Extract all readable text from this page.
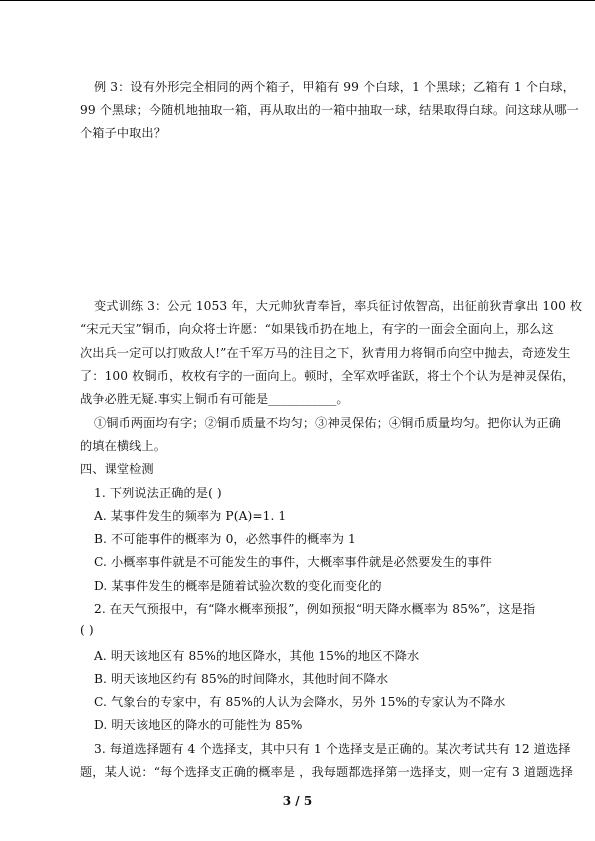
例 3：设有外形完全相同的两个箱子，甲箱有 99 个白球，1 个黑球；乙箱有 1 个白球，

99 个黑球；今随机地抽取一箱，再从取出的一箱中抽取一球，结果取得白球。问这球从哪一

个箱子中取出？

变式训练 3：公元 1053 年，大元帅狄青奉旨，率兵征讨侬智高，出征前狄青拿出 100 枚

“宋元天宝”铜币，向众将士许愿：“如果钱币扔在地上，有字的一面会全面向上，那么这

次出兵一定可以打败敌人!”在千军万马的注目之下，狄青用力将铜币向空中抛去，奇迹发生

了：100 枚铜币，枚枚有字的一面向上。顿时，全军欢呼雀跃，将士个个认为是神灵保佑，

战争必胜无疑.事实上铜币有可能是___________。

①铜币两面均有字；②铜币质量不均匀；③神灵保佑；④铜币质量均匀。把你认为正确

的填在横线上。

四、课堂检测

1. 下列说法正确的是( )

A. 某事件发生的频率为 P(A)=1. 1

B. 不可能事件的概率为 0，必然事件的概率为 1

C. 小概率事件就是不可能发生的事件，大概率事件就是必然要发生的事件

D. 某事件发生的概率是随着试验次数的变化而变化的

2. 在天气预报中，有“降水概率预报”，例如预报“明天降水概率为 85%”，这是指

( )

A. 明天该地区有 85%的地区降水，其他 15%的地区不降水

B. 明天该地区约有 85%的时间降水，其他时间不降水

C. 气象台的专家中，有 85%的人认为会降水，另外 15%的专家认为不降水

D. 明天该地区的降水的可能性为 85%

3. 每道选择题有 4 个选择支，其中只有 1 个选择支是正确的。某次考试共有 12 道选择

题，某人说：“每个选择支正确的概率是 ，我每题都选择第一选择支，则一定有 3 道题选择

3 / 5
